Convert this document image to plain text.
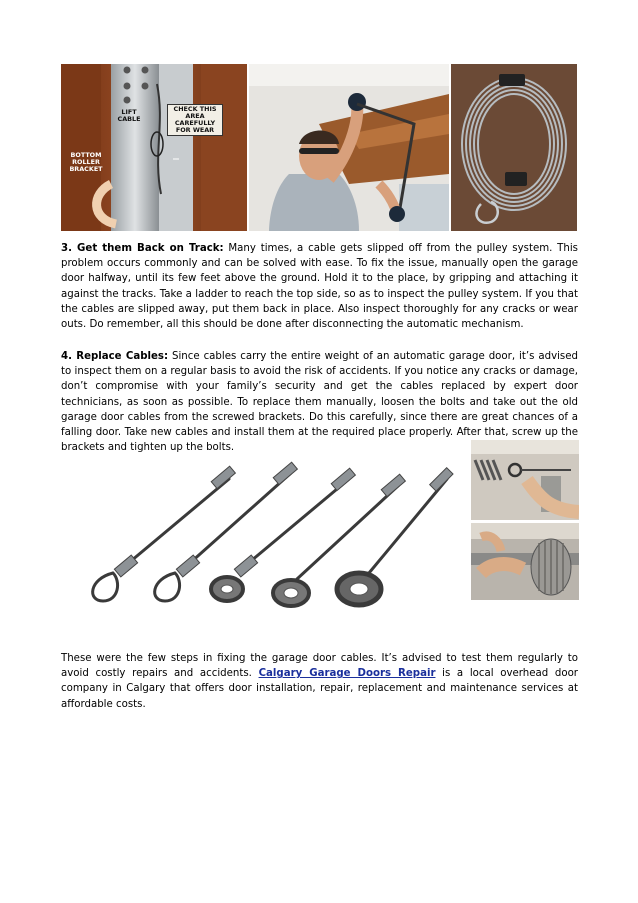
LIFT CABLE
CHECK THIS AREA CAREFULLY FOR WEAR
BOTTOM ROLLER BRACKET

3. Get them Back on Track: Many times, a cable gets slipped off from the pulley system. This problem occurs commonly and can be solved with ease. To fix the issue, manually open the garage door halfway, until its few feet above the ground. Hold it to the place, by gripping and attaching it against the tracks. Take a ladder to reach the top side, so as to inspect the pulley system. If you that the cables are slipped away, put them back in place. Also inspect thoroughly for any cracks or wear outs. Do remember, all this should be done after disconnecting the automatic mechanism.

4. Replace Cables: Since cables carry the entire weight of an automatic garage door, it’s advised to inspect them on a regular basis to avoid the risk of accidents. If you notice any cracks or damage, don’t compromise with your family’s security and get the cables replaced by expert door technicians, as soon as possible. To replace them manually, loosen the bolts and take out the old garage door cables from the screwed brackets. Do this carefully, since there are great chances of a falling door. Take new cables and install them at the required place properly. After that, screw up the brackets and tighten up the bolts.

These were the few steps in fixing the garage door cables. It’s advised to test them regularly to avoid costly repairs and accidents. Calgary Garage Doors Repair is a local overhead door company in Calgary that offers door installation, repair, replacement and maintenance services at affordable costs.
